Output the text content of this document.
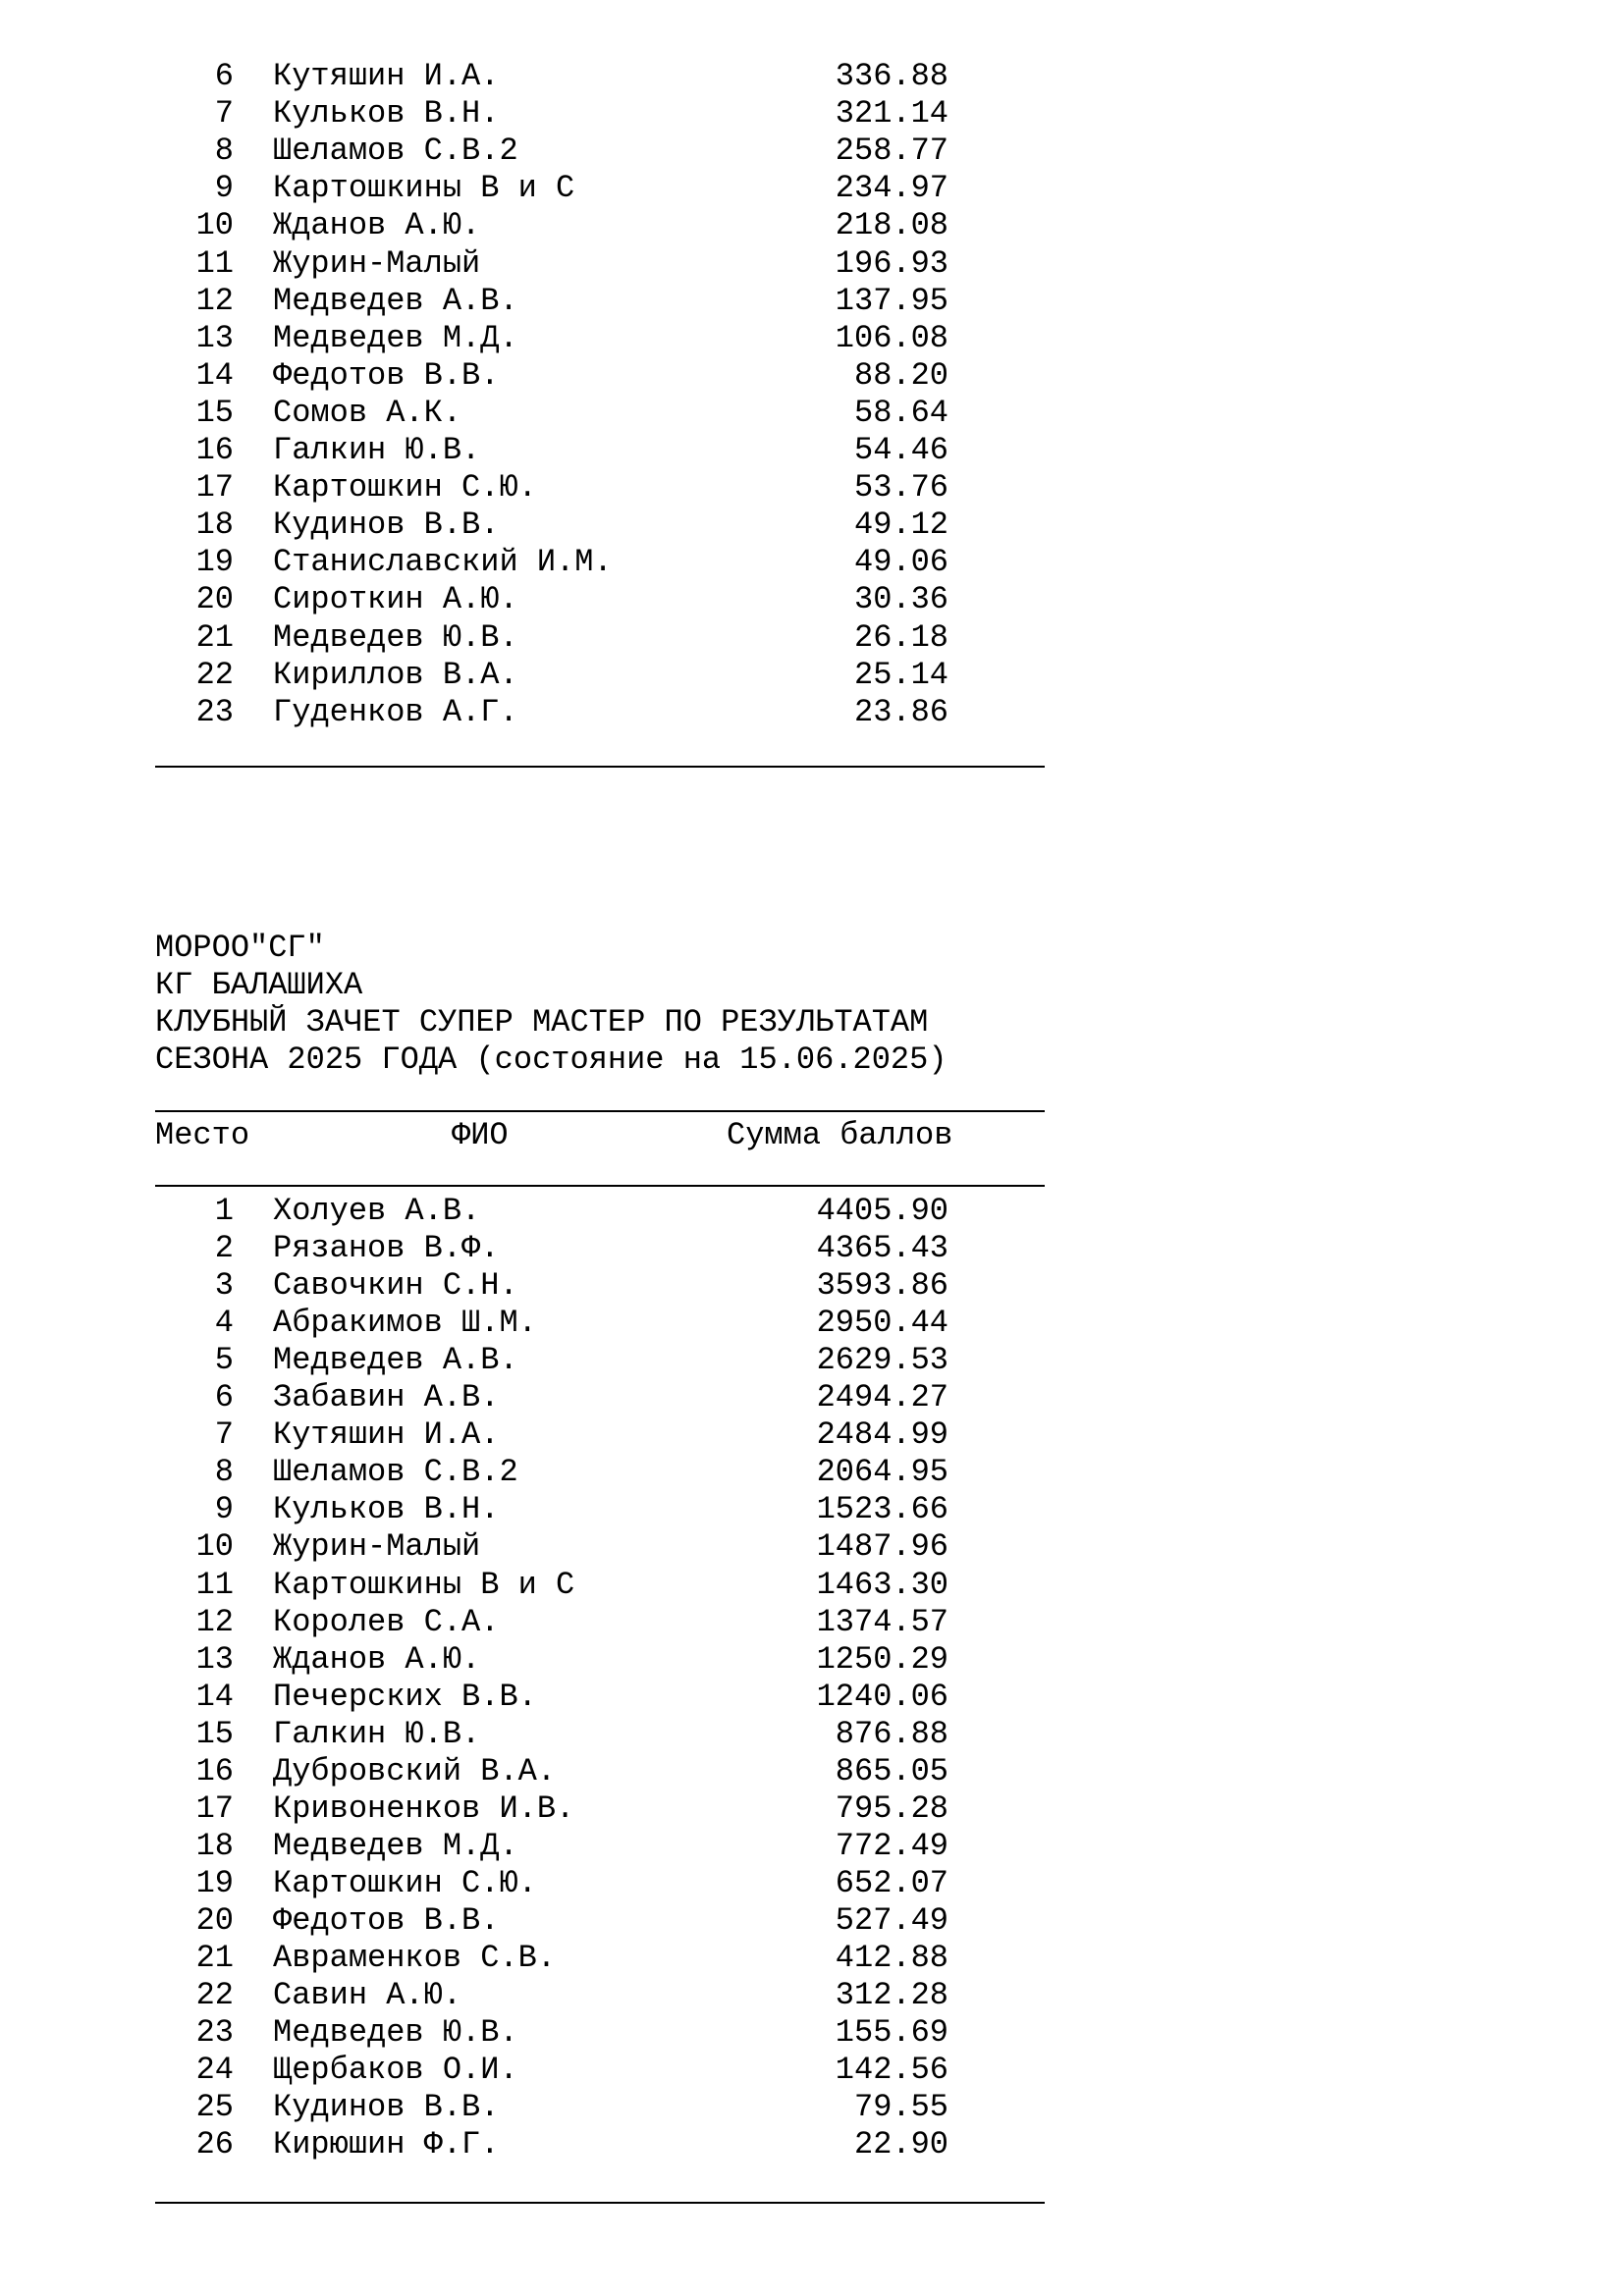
6 Кутяшин И.А.	336.88
7 Кульков В.Н.	321.14
8 Шеламов С.В.2	258.77
9 Картошкины В и С	234.97
10 Жданов А.Ю.	218.08
11 Журин-Малый	196.93
12 Медведев А.В.	137.95
13 Медведев М.Д.	106.08
14 Федотов В.В.	88.20
15 Сомов А.К.	58.64
16 Галкин Ю.В.	54.46
17 Картошкин С.Ю.	53.76
18 Кудинов В.В.	49.12
19 Станиславский И.М.	49.06
20 Сироткин А.Ю.	30.36
21 Медведев Ю.В.	26.18
22 Кириллов В.А.	25.14
23 Гуденков А.Г.	23.86
МОРОО"СГ"
КГ БАЛАШИХА
КЛУБНЫЙ ЗАЧЕТ СУПЕР МАСТЕР ПО РЕЗУЛЬТАТАМ
СЕЗОНА 2025 ГОДА (состояние на 15.06.2025)
Место	ФИО	Сумма баллов
1 Холуев А.В.	4405.90
2 Рязанов В.Ф.	4365.43
3 Савочкин С.Н.	3593.86
4 Абракимов Ш.М.	2950.44
5 Медведев А.В.	2629.53
6 Забавин А.В.	2494.27
7 Кутяшин И.А.	2484.99
8 Шеламов С.В.2	2064.95
9 Кульков В.Н.	1523.66
10 Журин-Малый	1487.96
11 Картошкины В и С	1463.30
12 Королев С.А.	1374.57
13 Жданов А.Ю.	1250.29
14 Печерских В.В.	1240.06
15 Галкин Ю.В.	876.88
16 Дубровский В.А.	865.05
17 Кривоненков И.В.	795.28
18 Медведев М.Д.	772.49
19 Картошкин С.Ю.	652.07
20 Федотов В.В.	527.49
21 Авраменков С.В.	412.88
22 Савин А.Ю.	312.28
23 Медведев Ю.В.	155.69
24 Щербаков О.И.	142.56
25 Кудинов В.В.	79.55
26 Кирюшин Ф.Г.	22.90
